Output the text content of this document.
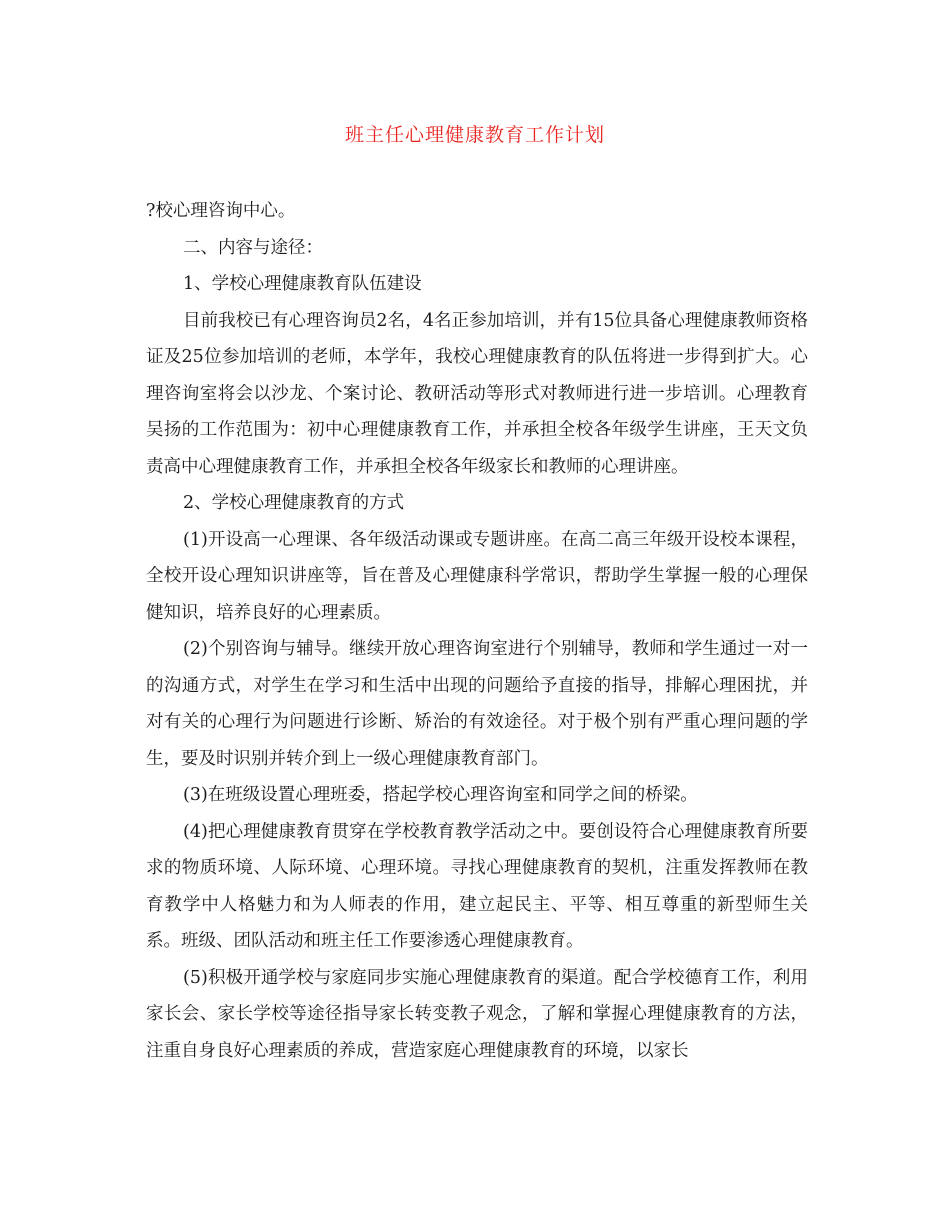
班主任心理健康教育工作计划

?校心理咨询中心。

二、内容与途径：

1、学校心理健康教育队伍建设

目前我校已有心理咨询员2名，4名正参加培训，并有15位具备心理健康教师资格证及25位参加培训的老师，本学年，我校心理健康教育的队伍将进一步得到扩大。心理咨询室将会以沙龙、个案讨论、教研活动等形式对教师进行进一步培训。心理教育吴扬的工作范围为：初中心理健康教育工作，并承担全校各年级学生讲座，王天文负责高中心理健康教育工作，并承担全校各年级家长和教师的心理讲座。

2、学校心理健康教育的方式

(1)开设高一心理课、各年级活动课或专题讲座。在高二高三年级开设校本课程，全校开设心理知识讲座等，旨在普及心理健康科学常识，帮助学生掌握一般的心理保健知识，培养良好的心理素质。

(2)个别咨询与辅导。继续开放心理咨询室进行个别辅导，教师和学生通过一对一的沟通方式，对学生在学习和生活中出现的问题给予直接的指导，排解心理困扰，并对有关的心理行为问题进行诊断、矫治的有效途径。对于极个别有严重心理问题的学生，要及时识别并转介到上一级心理健康教育部门。

(3)在班级设置心理班委，搭起学校心理咨询室和同学之间的桥梁。

(4)把心理健康教育贯穿在学校教育教学活动之中。要创设符合心理健康教育所要求的物质环境、人际环境、心理环境。寻找心理健康教育的契机，注重发挥教师在教育教学中人格魅力和为人师表的作用，建立起民主、平等、相互尊重的新型师生关系。班级、团队活动和班主任工作要渗透心理健康教育。

(5)积极开通学校与家庭同步实施心理健康教育的渠道。配合学校德育工作，利用家长会、家长学校等途径指导家长转变教子观念，了解和掌握心理健康教育的方法，注重自身良好心理素质的养成，营造家庭心理健康教育的环境，以家长
